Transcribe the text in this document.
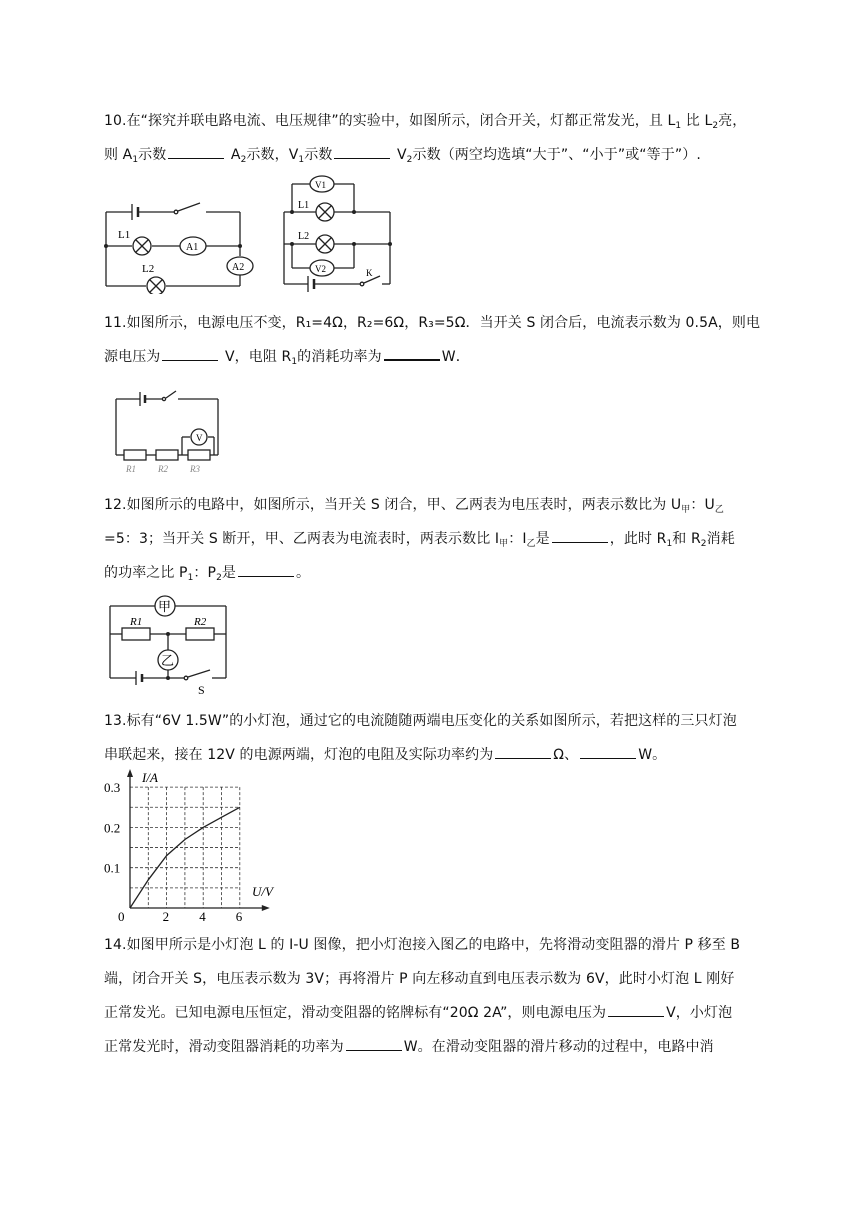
10.在“探究并联电路电流、电压规律”的实验中，如图所示，闭合开关，灯都正常发光，且 $L_1$ 比 $L_2$亮，

则 $A_1$示数	$A_2$示数，$V_1$示数	$V_2$示数（两空均选填“大于”、“小于”或“等于”）.

L1
A1
L2	A2
V1
L1
L2
V2	K

11.如图所示，电源电压不变，R₁=4Ω，R₂=6Ω，R₃=5Ω．当开关 S 闭合后，电流表示数为 0.5A，则电

源电压为	V，电阻 $R_1$的消耗功率为	W．

V
R1 R2 R3

12.如图所示的电路中，如图所示，当开关 S 闭合，甲、乙两表为电压表时，两表示数比为 $U_甲$：$U_乙$

=5：3；当开关 S 断开，甲、乙两表为电流表时，两表示数比 $I_甲$：$I_乙$是	，此时 $R_1$和 $R_2$消耗

的功率之比 $P_1$：$P_2$是	。

甲
乙
R1	R2
S

13.标有“6V 1.5W”的小灯泡，通过它的电流随随两端电压变化的关系如图所示，若把这样的三只灯泡

串联起来，接在 12V 的电源两端，灯泡的电阻及实际功率约为	Ω、	W。

0	2 4 6
0.1
0.2
0.3
I/A
U/V

14.如图甲所示是小灯泡 L 的 I-U 图像，把小灯泡接入图乙的电路中，先将滑动变阻器的滑片 P 移至 B

端，闭合开关 S，电压表示数为 3V；再将滑片 P 向左移动直到电压表示数为 6V，此时小灯泡 L 刚好

正常发光。已知电源电压恒定，滑动变阻器的铭牌标有“20Ω 2A”，则电源电压为	V，小灯泡

正常发光时，滑动变阻器消耗的功率为	W。在滑动变阻器的滑片移动的过程中，电路中消
